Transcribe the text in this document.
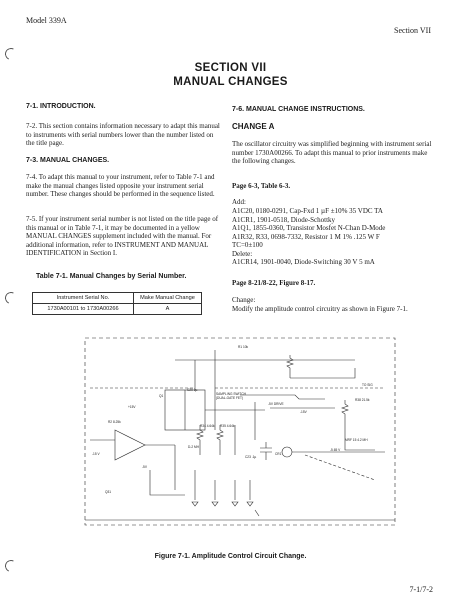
Model 339A
Section VII
SECTION VII
MANUAL CHANGES
7-1. INTRODUCTION.
7-2. This section contains information necessary to adapt this manual to instruments with serial numbers lower than the number listed on the title page.
7-3. MANUAL CHANGES.
7-4. To adapt this manual to your instrument, refer to Table 7-1 and make the manual changes listed opposite your instrument serial number. These changes should be performed in the sequence listed.
7-5. If your instrument serial number is not listed on the title page of this manual or in Table 7-1, it may be documented in a yellow MANUAL CHANGES supplement included with the manual. For additional information, refer to INSTRUMENT AND MANUAL IDENTIFICATION in Section I.
Table 7-1. Manual Changes by Serial Number.
Instrument Serial No.	Make Manual Change
1730A00101 to 1730A00266	A
7-6. MANUAL CHANGE INSTRUCTIONS.
CHANGE A
The oscillator circuitry was simplified beginning with instrument serial number 1730A00266. To adapt this manual to prior instruments make the following changes.
Page 6-3, Table 6-3.
Add:
A1C20, 0180-0291, Cap-Fxd 1 µF ±10% 35 VDC TA
A1CR1, 1901-0518, Diode-Schottky
A1Q1, 1855-0360, Transistor Mosfet N-Chan D-Mode
A1R32, R33, 0698-7332, Resistor 1 M 1% .125 W F
TC=0±100
Delete:
A1CR14, 1901-0040, Diode-Switching 30 V 5 mA
Page 8-21/8-22, Figure 8-17.
Change:
Modify the amplitude control circuitry as shown in Figure 7-1.
R1 10k
SAMPLING SWITCH (DUAL-GATE FET)
-5V DRIVE
TO SIG
R38 21.5k
-15V
Q1
C20 1µ
R2 8.25k
-15 V
R34 4.64k R35 4.64k
D-2 MH
CR1
C23 .1µ
Q31
-5.65 V
MRF 15 4.2 MH
+15V
-5V
Figure 7-1. Amplitude Control Circuit Change.
7-1/7-2
